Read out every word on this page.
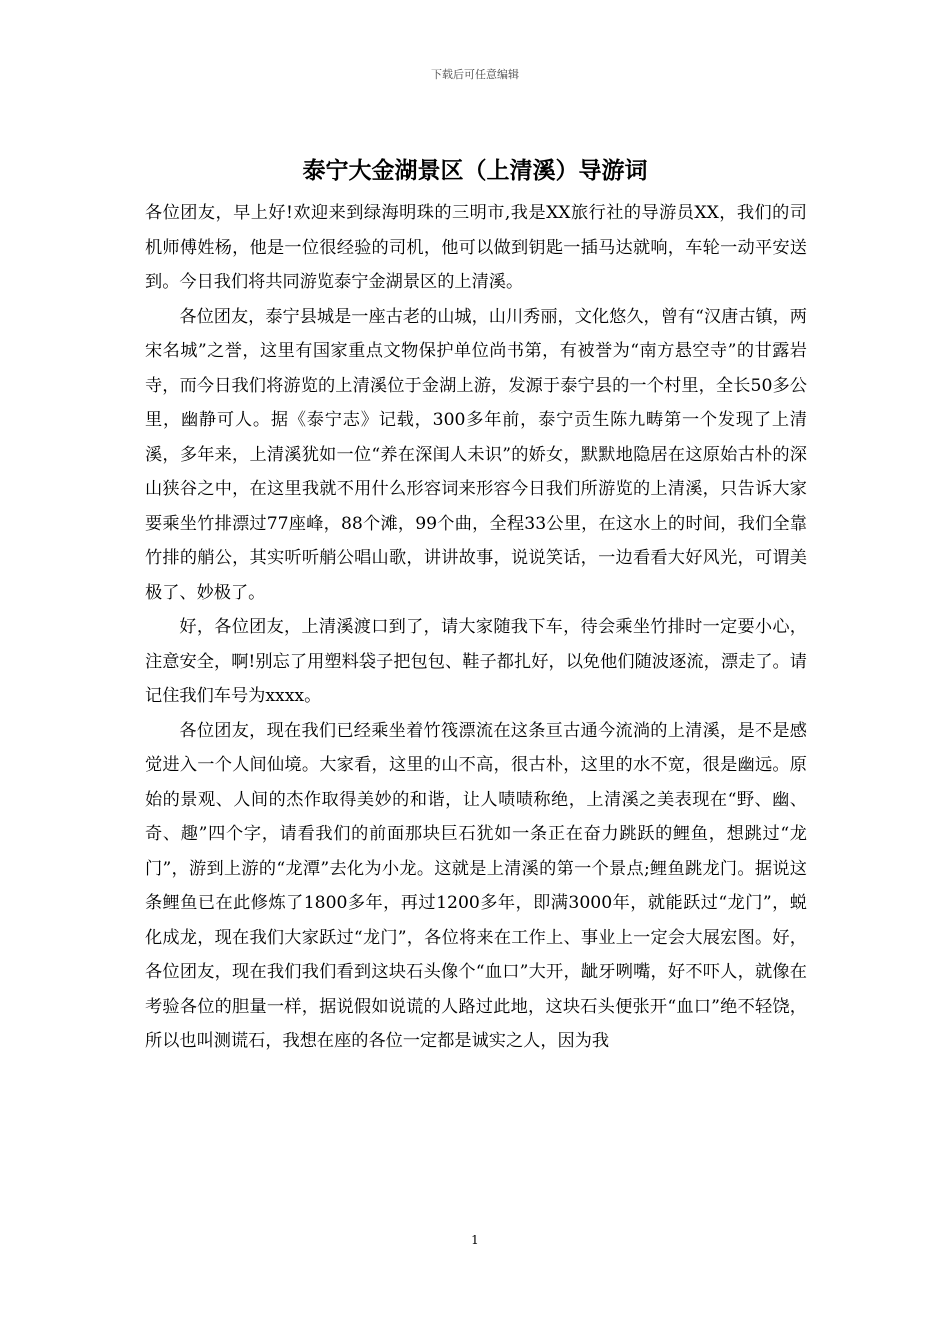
下载后可任意编辑
泰宁大金湖景区（上清溪）导游词

各位团友，早上好!欢迎来到绿海明珠的三明市,我是XX旅行社的导游员XX，我们的司机师傅姓杨，他是一位很经验的司机，他可以做到钥匙一插马达就响，车轮一动平安送到。今日我们将共同游览泰宁金湖景区的上清溪。

各位团友，泰宁县城是一座古老的山城，山川秀丽，文化悠久，曾有“汉唐古镇，两宋名城”之誉，这里有国家重点文物保护单位尚书第，有被誉为“南方悬空寺”的甘露岩寺，而今日我们将游览的上清溪位于金湖上游，发源于泰宁县的一个村里，全长50多公里，幽静可人。据《泰宁志》记载，300多年前，泰宁贡生陈九畴第一个发现了上清溪，多年来，上清溪犹如一位“养在深闺人未识”的娇女，默默地隐居在这原始古朴的深山狭谷之中，在这里我就不用什么形容词来形容今日我们所游览的上清溪，只告诉大家要乘坐竹排漂过77座峰，88个滩，99个曲，全程33公里，在这水上的时间，我们全靠竹排的艄公，其实听听艄公唱山歌，讲讲故事，说说笑话，一边看看大好风光，可谓美极了、妙极了。

好，各位团友，上清溪渡口到了，请大家随我下车，待会乘坐竹排时一定要小心，注意安全，啊!别忘了用塑料袋子把包包、鞋子都扎好，以免他们随波逐流，漂走了。请记住我们车号为xxxx。

各位团友，现在我们已经乘坐着竹筏漂流在这条亘古通今流淌的上清溪，是不是感觉进入一个人间仙境。大家看，这里的山不高，很古朴，这里的水不宽，很是幽远。原始的景观、人间的杰作取得美妙的和谐，让人啧啧称绝，上清溪之美表现在“野、幽、奇、趣”四个字，请看我们的前面那块巨石犹如一条正在奋力跳跃的鲤鱼，想跳过“龙门”，游到上游的“龙潭”去化为小龙。这就是上清溪的第一个景点;鲤鱼跳龙门。据说这条鲤鱼已在此修炼了1800多年，再过1200多年，即满3000年，就能跃过“龙门”，蜕化成龙，现在我们大家跃过“龙门”，各位将来在工作上、事业上一定会大展宏图。好，各位团友，现在我们我们看到这块石头像个“血口”大开，龇牙咧嘴，好不吓人，就像在考验各位的胆量一样，据说假如说谎的人路过此地，这块石头便张开“血口”绝不轻饶，所以也叫测谎石，我想在座的各位一定都是诚实之人，因为我

1
